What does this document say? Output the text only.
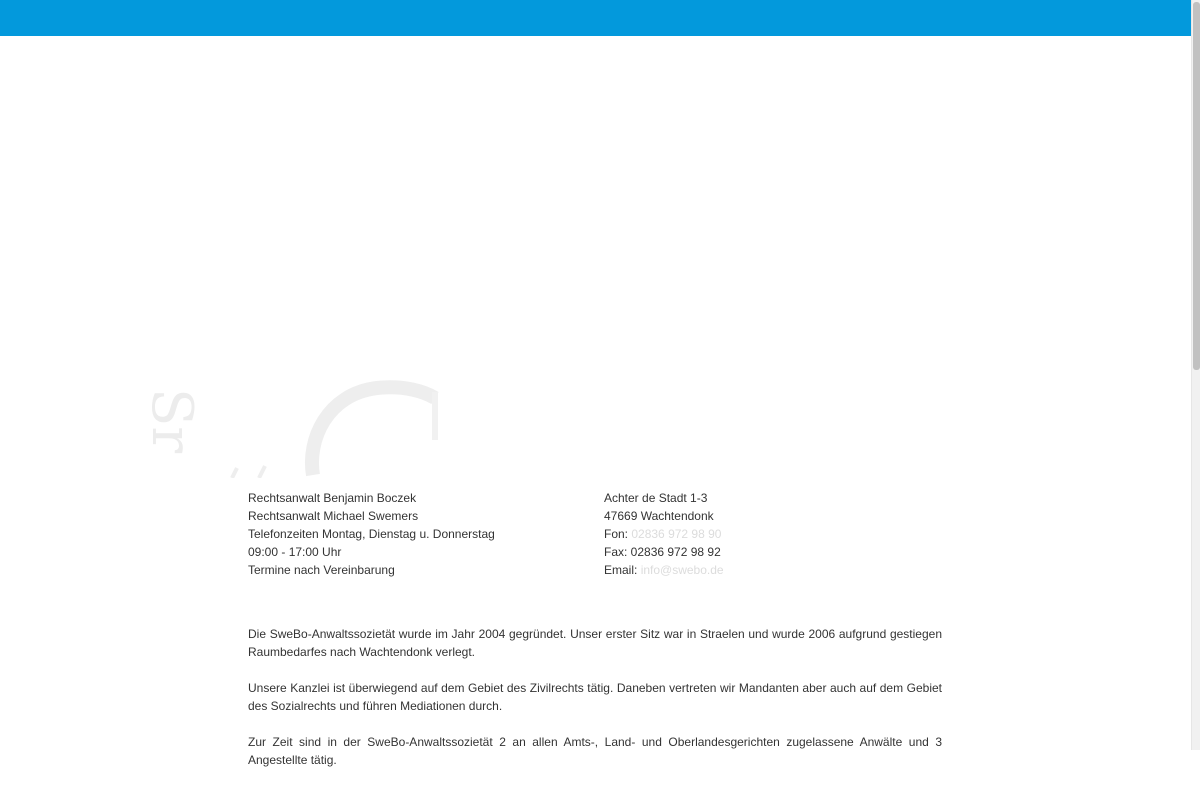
Sr
Rechtsanwalt Benjamin Boczek
Rechtsanwalt Michael Swemers
Telefonzeiten Montag, Dienstag u. Donnerstag
09:00 - 17:00 Uhr
Termine nach Vereinbarung
Achter de Stadt 1-3
47669 Wachtendonk
Fon: 02836 972 98 90
Fax: 02836 972 98 92
Email: info@swebo.de

Die SweBo-Anwaltssozietät wurde im Jahr 2004 gegründet. Unser erster Sitz war in Straelen und wurde 2006 aufgrund gestiegen Raumbedarfes nach Wachtendonk verlegt.

Unsere Kanzlei ist überwiegend auf dem Gebiet des Zivilrechts tätig. Daneben vertreten wir Mandanten aber auch auf dem Gebiet des Sozialrechts und führen Mediationen durch.

Zur Zeit sind in der SweBo-Anwaltssozietät 2 an allen Amts-, Land- und Oberlandesgerichten zugelassene Anwälte und 3 Angestellte tätig.
